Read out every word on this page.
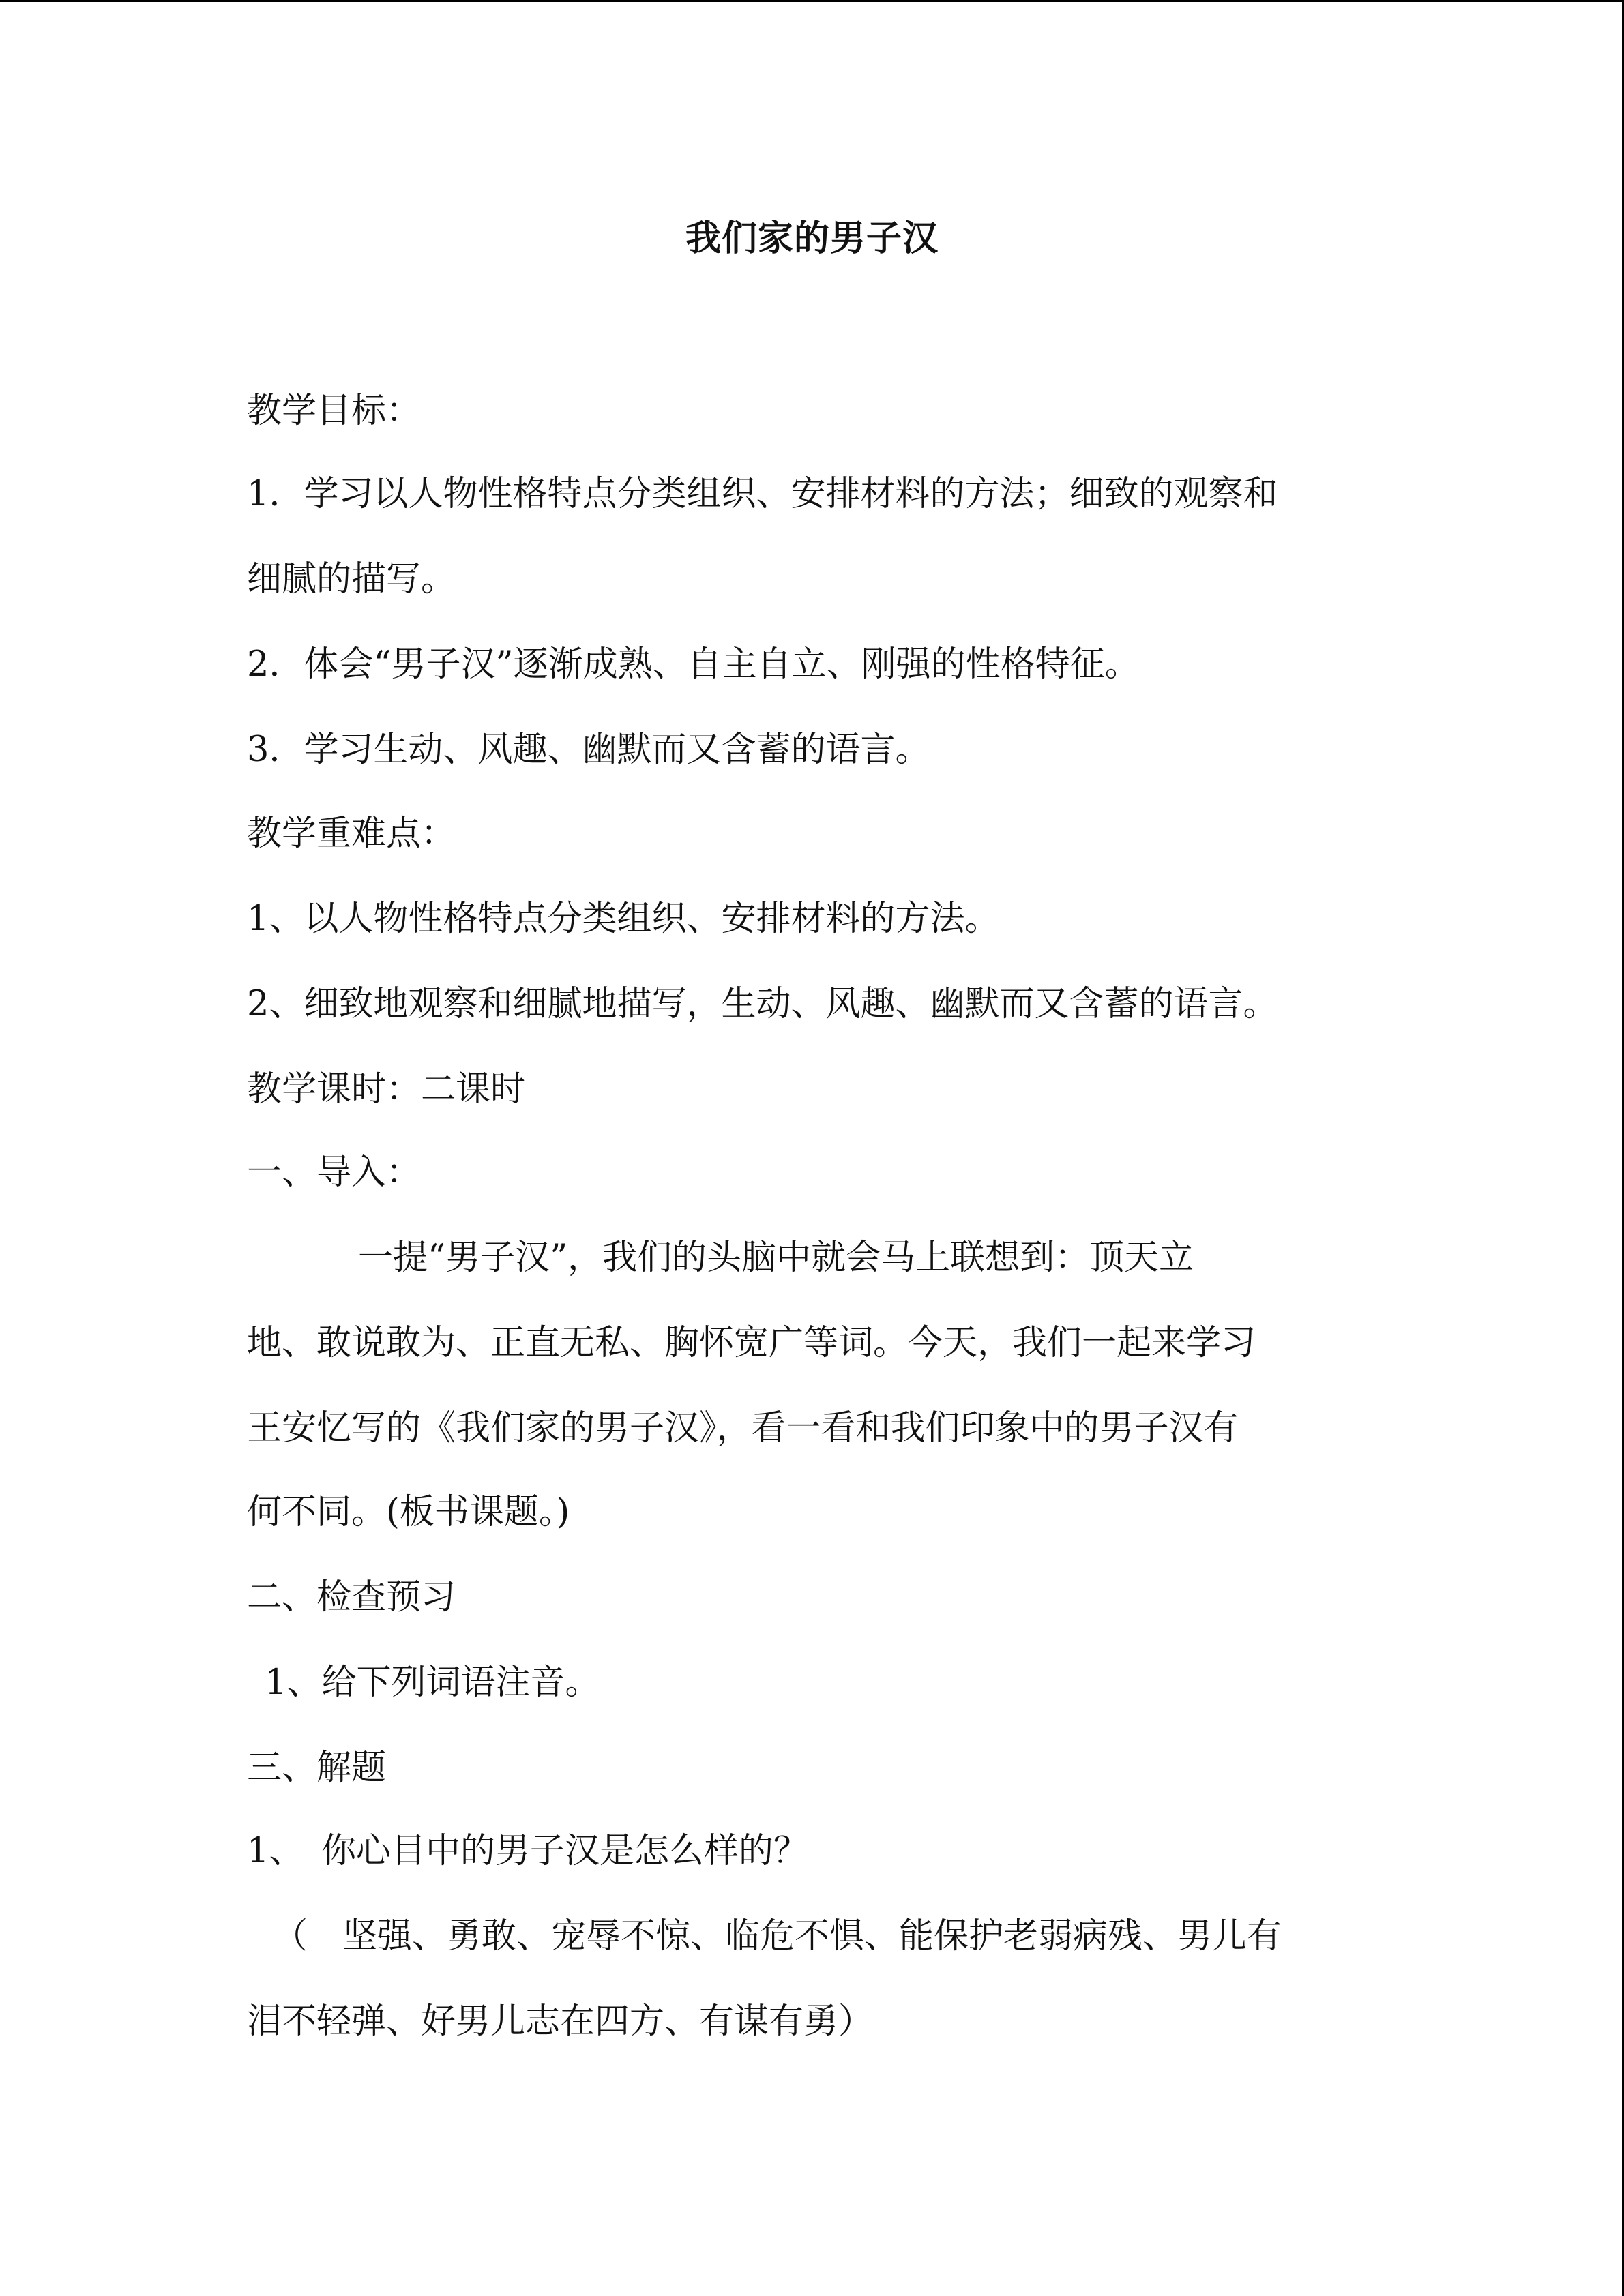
我们家的男子汉
教学目标：
1．学习以人物性格特点分类组织、安排材料的方法；细致的观察和
细腻的描写。
2．体会“男子汉”逐渐成熟、自主自立、刚强的性格特征。
3．学习生动、风趣、幽默而又含蓄的语言。
教学重难点：
1、以人物性格特点分类组织、安排材料的方法。
2、细致地观察和细腻地描写，生动、风趣、幽默而又含蓄的语言。
教学课时：二课时
一、导入：
一提“男子汉”，我们的头脑中就会马上联想到：顶天立
地、敢说敢为、正直无私、胸怀宽广等词。今天，我们一起来学习
王安忆写的《我们家的男子汉》，看一看和我们印象中的男子汉有
何不同。(板书课题。)
二、检查预习
1、给下列词语注音。
三、解题
1、　你心目中的男子汉是怎么样的？
（　坚强、勇敢、宠辱不惊、临危不惧、能保护老弱病残、男儿有
泪不轻弹、好男儿志在四方、有谋有勇）
